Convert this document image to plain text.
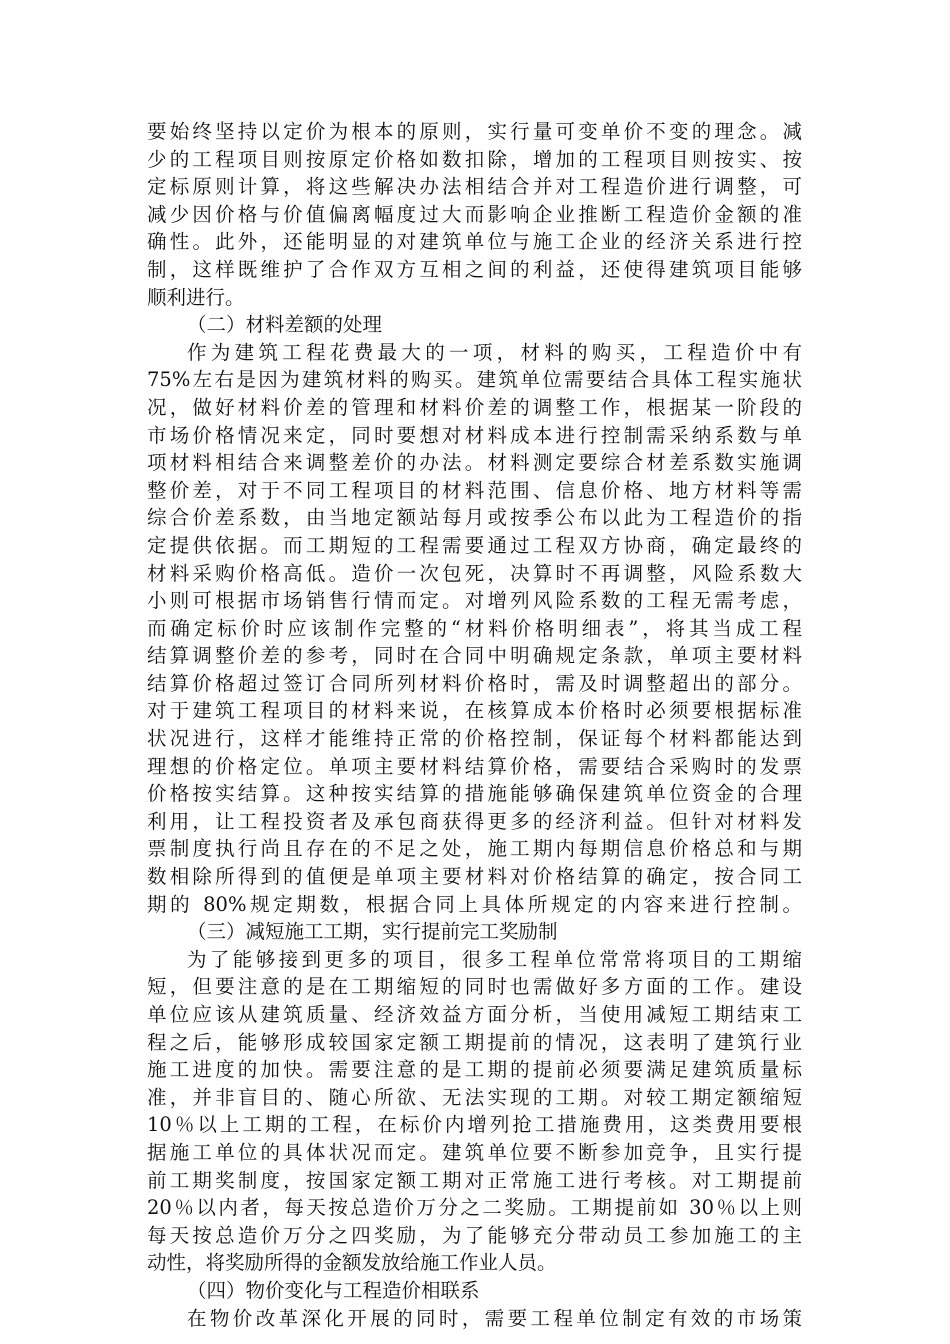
要始终坚持以定价为根本的原则，实行量可变单价不变的理念。减
少的工程项目则按原定价格如数扣除，增加的工程项目则按实、按
定标原则计算，将这些解决办法相结合并对工程造价进行调整，可
减少因价格与价值偏离幅度过大而影响企业推断工程造价金额的准
确性。此外，还能明显的对建筑单位与施工企业的经济关系进行控
制，这样既维护了合作双方互相之间的利益，还使得建筑项目能够
顺利进行。
（二）材料差额的处理
作为建筑工程花费最大的一项，材料的购买，工程造价中有
75%左右是因为建筑材料的购买。建筑单位需要结合具体工程实施状
况，做好材料价差的管理和材料价差的调整工作，根据某一阶段的
市场价格情况来定，同时要想对材料成本进行控制需采纳系数与单
项材料相结合来调整差价的办法。材料测定要综合材差系数实施调
整价差，对于不同工程项目的材料范围、信息价格、地方材料等需
综合价差系数，由当地定额站每月或按季公布以此为工程造价的指
定提供依据。而工期短的工程需要通过工程双方协商，确定最终的
材料采购价格高低。造价一次包死，决算时不再调整，风险系数大
小则可根据市场销售行情而定。对增列风险系数的工程无需考虑，
而确定标价时应该制作完整的“材料价格明细表”，将其当成工程
结算调整价差的参考，同时在合同中明确规定条款，单项主要材料
结算价格超过签订合同所列材料价格时，需及时调整超出的部分。
对于建筑工程项目的材料来说，在核算成本价格时必须要根据标准
状况进行，这样才能维持正常的价格控制，保证每个材料都能达到
理想的价格定位。单项主要材料结算价格，需要结合采购时的发票
价格按实结算。这种按实结算的措施能够确保建筑单位资金的合理
利用，让工程投资者及承包商获得更多的经济利益。但针对材料发
票制度执行尚且存在的不足之处，施工期内每期信息价格总和与期
数相除所得到的值便是单项主要材料对价格结算的确定，按合同工
期的 80%规定期数，根据合同上具体所规定的内容来进行控制。
（三）减短施工工期，实行提前完工奖励制
为了能够接到更多的项目，很多工程单位常常将项目的工期缩
短，但要注意的是在工期缩短的同时也需做好多方面的工作。建设
单位应该从建筑质量、经济效益方面分析，当使用减短工期结束工
程之后，能够形成较国家定额工期提前的情况，这表明了建筑行业
施工进度的加快。需要注意的是工期的提前必须要满足建筑质量标
准，并非盲目的、随心所欲、无法实现的工期。对较工期定额缩短
10％以上工期的工程，在标价内增列抢工措施费用，这类费用要根
据施工单位的具体状况而定。建筑单位要不断参加竞争，且实行提
前工期奖制度，按国家定额工期对正常施工进行考核。对工期提前
20％以内者，每天按总造价万分之二奖励。工期提前如 30％以上则
每天按总造价万分之四奖励，为了能够充分带动员工参加施工的主
动性，将奖励所得的金额发放给施工作业人员。
（四）物价变化与工程造价相联系
在物价改革深化开展的同时，需要工程单位制定有效的市场策
